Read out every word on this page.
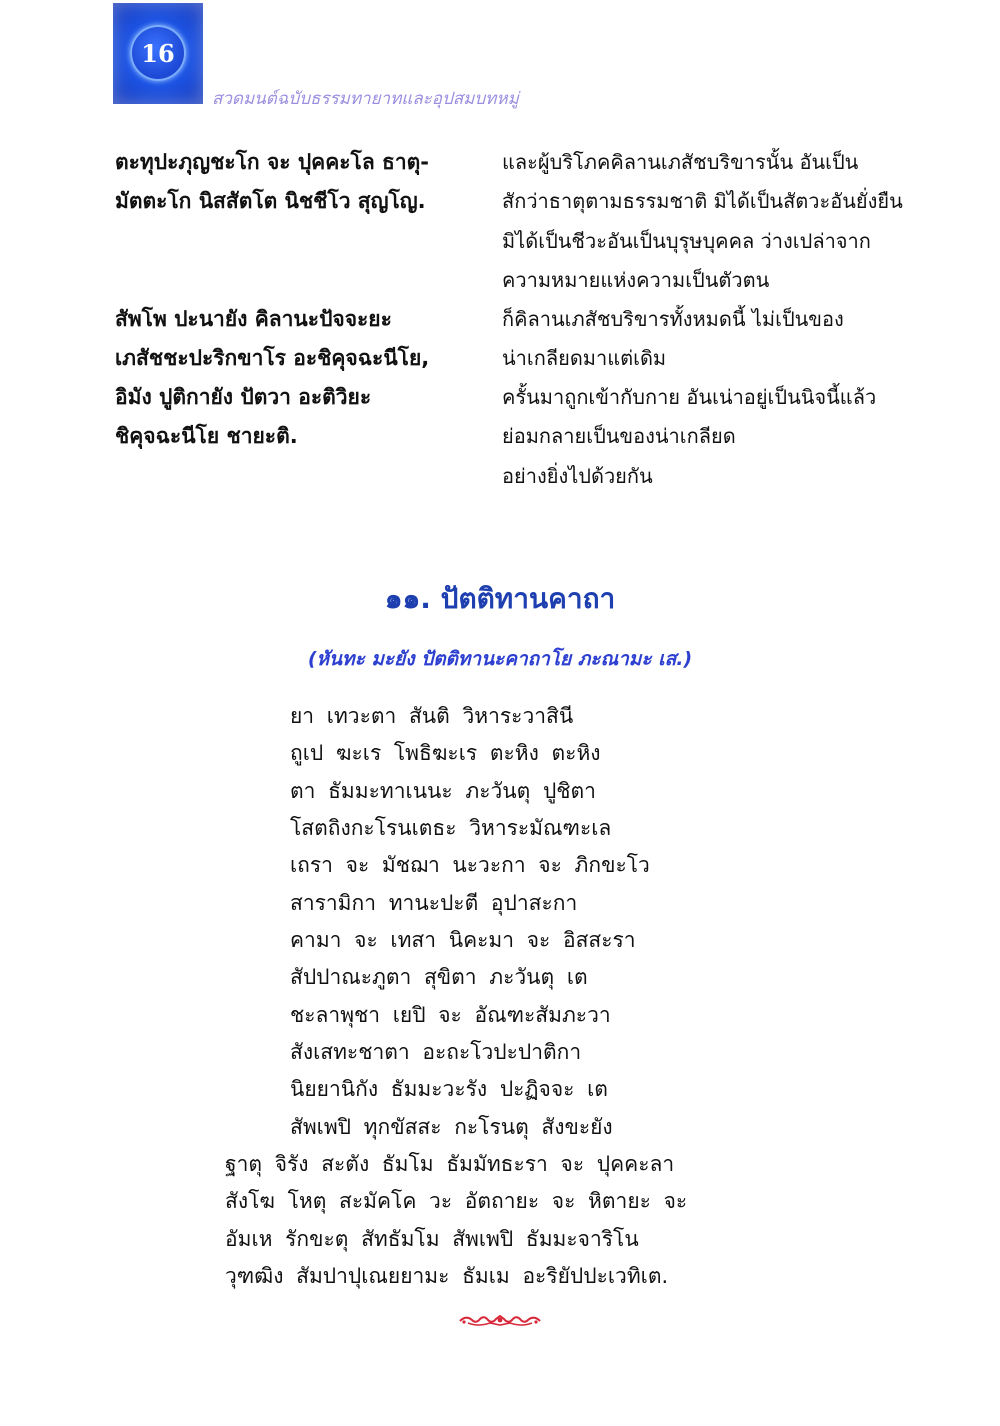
16
สวดมนต์ฉบับธรรมทายาทและอุปสมบทหมู่
ตะทุปะภุญชะโก จะ ปุคคะโล ธาตุ-
มัตตะโก นิสสัตโต นิชชีโว สุญโญ.
สัพโพ ปะนายัง คิลานะปัจจะยะ
เภสัชชะปะริกขาโร อะชิคุจฉะนีโย,
อิมัง ปูติกายัง ปัตวา อะติวิยะ
ชิคุจฉะนีโย ชายะติ.
และผู้บริโภคคิลานเภสัชบริขารนั้น อันเป็น
สักว่าธาตุตามธรรมชาติ มิได้เป็นสัตวะอันยั่งยืน
มิได้เป็นชีวะอันเป็นบุรุษบุคคล ว่างเปล่าจาก
ความหมายแห่งความเป็นตัวตน
ก็คิลานเภสัชบริขารทั้งหมดนี้ ไม่เป็นของ
น่าเกลียดมาแต่เดิม
ครั้นมาถูกเข้ากับกาย อันเน่าอยู่เป็นนิจนี้แล้ว
ย่อมกลายเป็นของน่าเกลียด
อย่างยิ่งไปด้วยกัน
๑๑. ปัตติทานคาถา
(หันทะ มะยัง ปัตติทานะคาถาโย ภะณามะ เส.)
ยา เทวะตา สันติ วิหาระวาสินี
ถูเป ฆะเร โพธิฆะเร ตะหิง ตะหิง
ตา ธัมมะทาเนนะ ภะวันตุ ปูชิตา
โสตถิงกะโรนเตธะ วิหาระมัณฑะเล
เถรา จะ มัชฌา นะวะกา จะ ภิกขะโว
สารามิกา ทานะปะตี อุปาสะกา
คามา จะ เทสา นิคะมา จะ อิสสะรา
สัปปาณะภูตา สุขิตา ภะวันตุ เต
ชะลาพุชา เยปิ จะ อัณฑะสัมภะวา
สังเสทะชาตา อะถะโวปะปาติกา
นิยยานิกัง ธัมมะวะรัง ปะฏิจจะ เต
สัพเพปิ ทุกขัสสะ กะโรนตุ สังขะยัง
ฐาตุ จิรัง สะตัง ธัมโม ธัมมัทธะรา จะ ปุคคะลา
สังโฆ โหตุ สะมัคโค วะ อัตถายะ จะ หิตายะ จะ
อัมเห รักขะตุ สัทธัมโม สัพเพปิ ธัมมะจาริโน
วุฑฒิง สัมปาปุเณยยามะ ธัมเม อะริยัปปะเวทิเต.
